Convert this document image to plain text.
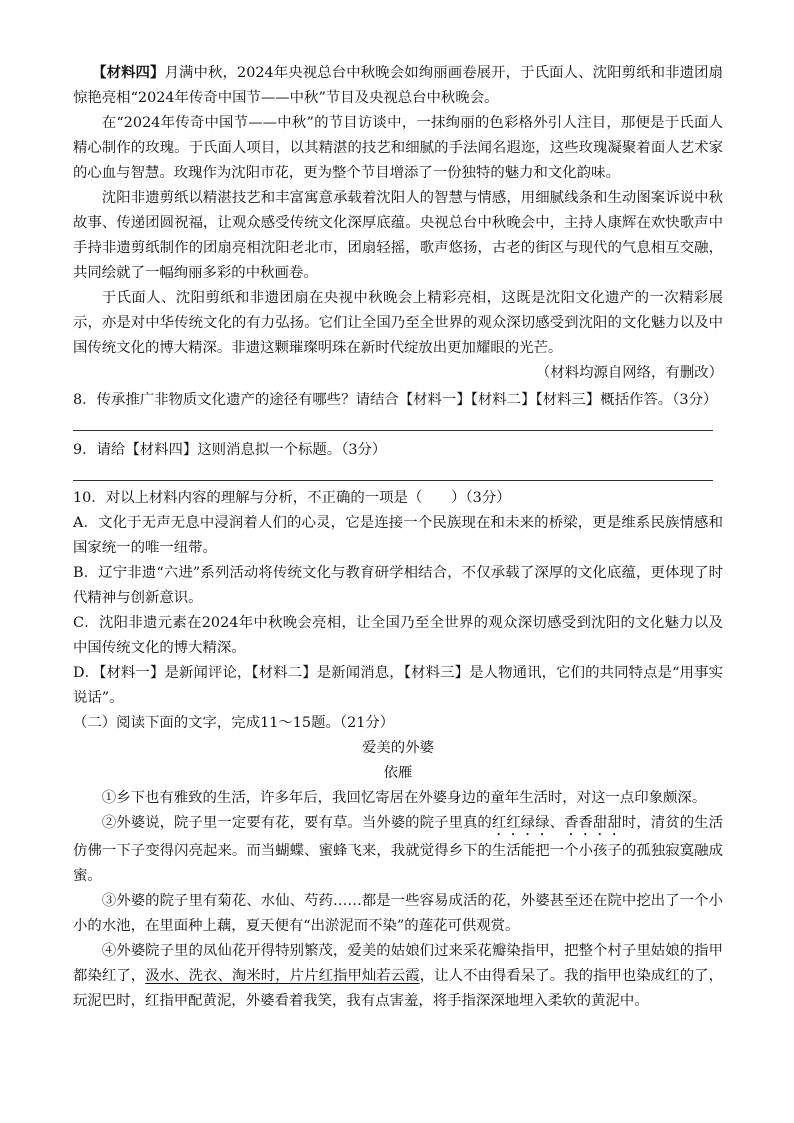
  【材料四】月满中秋，2024年央视总台中秋晚会如绚丽画卷展开，于氏面人、沈阳剪纸和非遗团扇惊艳亮相“2024年传奇中国节——中秋”节目及央视总台中秋晚会。

在“2024年传奇中国节——中秋”的节目访谈中，一抹绚丽的色彩格外引人注目，那便是于氏面人精心制作的玫瑰。于氏面人项目，以其精湛的技艺和细腻的手法闻名遐迩，这些玫瑰凝聚着面人艺术家的心血与智慧。玫瑰作为沈阳市花，更为整个节目增添了一份独特的魅力和文化韵味。

沈阳非遗剪纸以精湛技艺和丰富寓意承载着沈阳人的智慧与情感，用细腻线条和生动图案诉说中秋故事、传递团圆祝福，让观众感受传统文化深厚底蕴。央视总台中秋晚会中，主持人康辉在欢快歌声中手持非遗剪纸制作的团扇亮相沈阳老北市，团扇轻摇，歌声悠扬，古老的街区与现代的气息相互交融，共同绘就了一幅绚丽多彩的中秋画卷。

于氏面人、沈阳剪纸和非遗团扇在央视中秋晚会上精彩亮相，这既是沈阳文化遗产的一次精彩展示，亦是对中华传统文化的有力弘扬。它们让全国乃至全世界的观众深切感受到沈阳的文化魅力以及中国传统文化的博大精深。非遗这颗璀璨明珠在新时代绽放出更加耀眼的光芒。

（材料均源自网络，有删改）

8．传承推广非物质文化遗产的途径有哪些？请结合【材料一】【材料二】【材料三】概括作答。（3分）

9．请给【材料四】这则消息拟一个标题。（3分）

10．对以上材料内容的理解与分析，不正确的一项是（　　）（3分）

A．文化于无声无息中浸润着人们的心灵，它是连接一个民族现在和未来的桥梁，更是维系民族情感和国家统一的唯一纽带。

B．辽宁非遗“六进”系列活动将传统文化与教育研学相结合，不仅承载了深厚的文化底蕴，更体现了时代精神与创新意识。

C．沈阳非遗元素在2024年中秋晚会亮相，让全国乃至全世界的观众深切感受到沈阳的文化魅力以及中国传统文化的博大精深。

D．【材料一】是新闻评论，【材料二】是新闻消息，【材料三】是人物通讯，它们的共同特点是“用事实说话”。

（二）阅读下面的文字，完成11～15题。（21分）

爱美的外婆

依雁

①乡下也有雅致的生活，许多年后，我回忆寄居在外婆身边的童年生活时，对这一点印象颇深。

②外婆说，院子里一定要有花，要有草。当外婆的院子里真的红红绿绿、香香甜甜时，清贫的生活仿佛一下子变得闪亮起来。而当蝴蝶、蜜蜂飞来，我就觉得乡下的生活能把一个小孩子的孤独寂寞融成蜜。

③外婆的院子里有菊花、水仙、芍药……都是一些容易成活的花，外婆甚至还在院中挖出了一个小小的水池，在里面种上藕，夏天便有“出淤泥而不染”的莲花可供观赏。

④外婆院子里的凤仙花开得特别繁茂，爱美的姑娘们过来采花瓣染指甲，把整个村子里姑娘的指甲都染红了，汲水、洗衣、淘米时，片片红指甲灿若云霞，让人不由得看呆了。我的指甲也染成红的了，玩泥巴时，红指甲配黄泥，外婆看着我笑，我有点害羞，将手指深深地埋入柔软的黄泥中。
